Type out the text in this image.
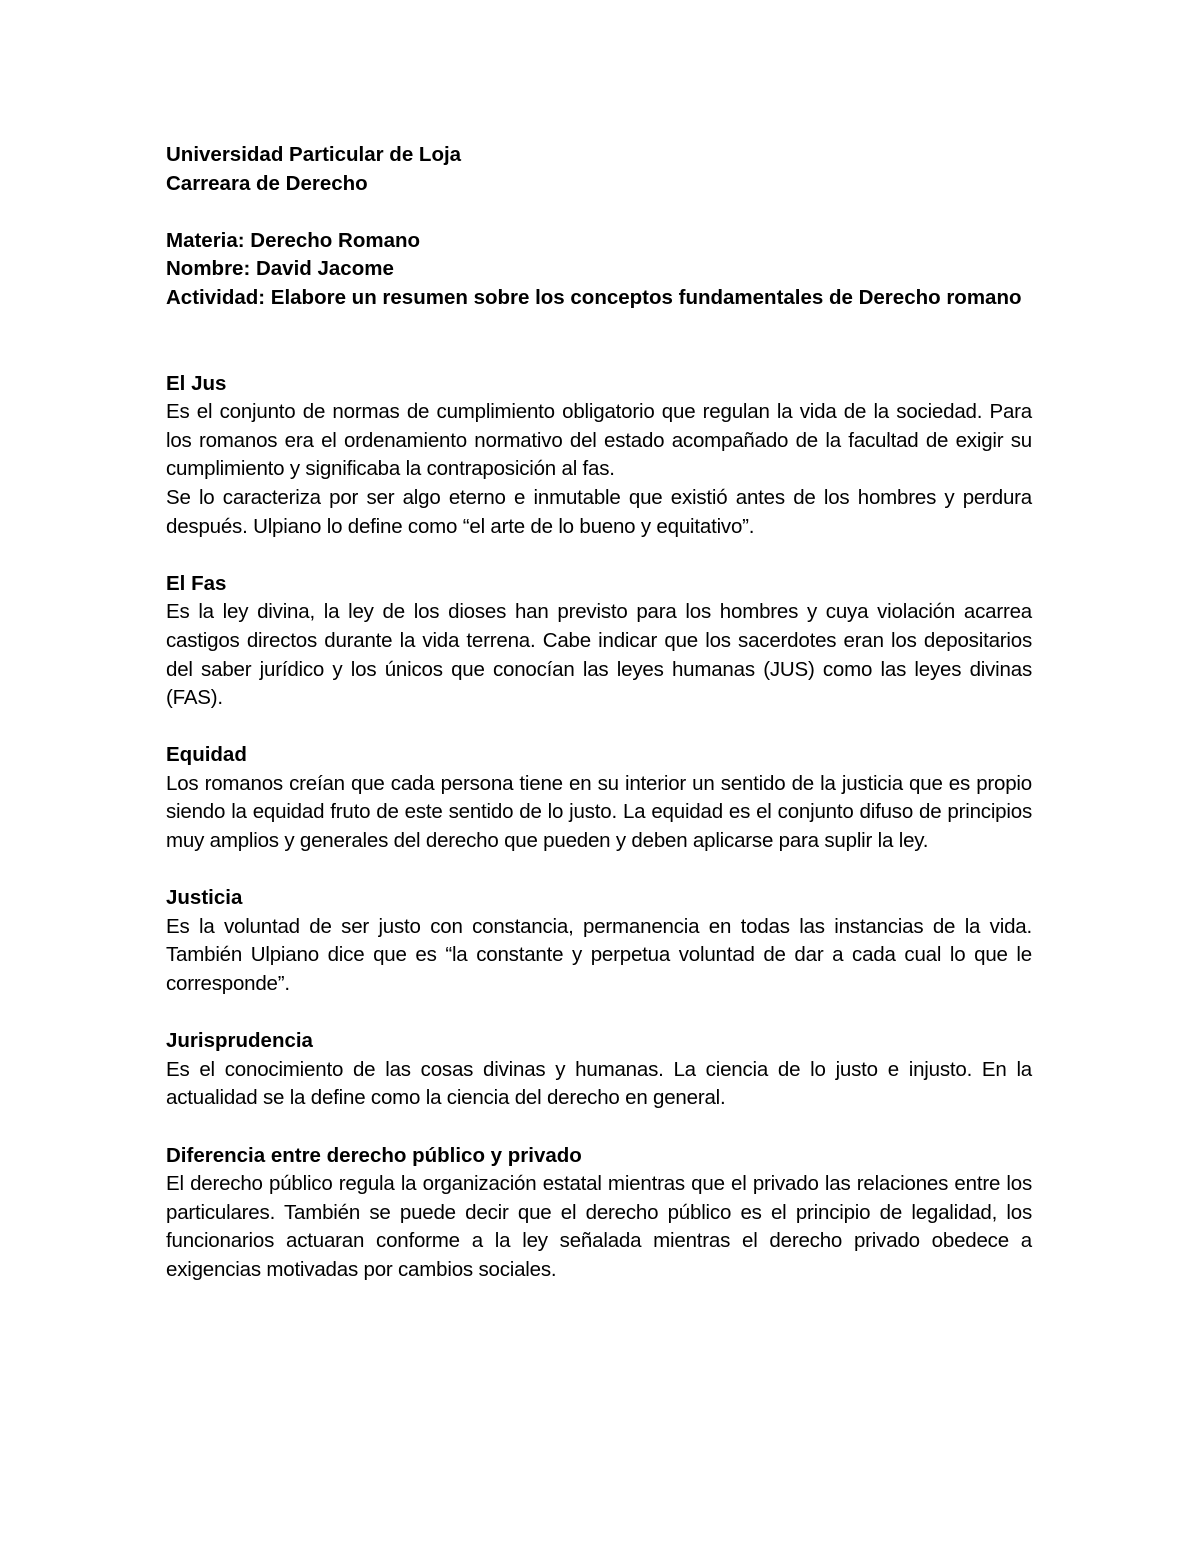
Universidad Particular de Loja
Carreara de Derecho
Materia: Derecho Romano
Nombre: David Jacome
Actividad: Elabore un resumen sobre los conceptos fundamentales de Derecho romano
El Jus

Es el conjunto de normas de cumplimiento obligatorio que regulan la vida de la sociedad. Para los romanos era el ordenamiento normativo del estado acompañado de la facultad de exigir su cumplimiento y significaba la contraposición al fas.

Se lo caracteriza por ser algo eterno e inmutable que existió antes de los hombres y perdura después. Ulpiano lo define como “el arte de lo bueno y equitativo”.

El Fas

Es la ley divina, la ley de los dioses han previsto para los hombres y cuya violación acarrea castigos directos durante la vida terrena. Cabe indicar que los sacerdotes eran los depositarios del saber jurídico y los únicos que conocían las leyes humanas (JUS) como las leyes divinas (FAS).

Equidad

Los romanos creían que cada persona tiene en su interior un sentido de la justicia que es propio siendo la equidad fruto de este sentido de lo justo. La equidad es el conjunto difuso de principios muy amplios y generales del derecho que pueden y deben aplicarse para suplir la ley.

Justicia

Es la voluntad de ser justo con constancia, permanencia en todas las instancias de la vida. También Ulpiano dice que es “la constante y perpetua voluntad de dar a cada cual lo que le corresponde”.

Jurisprudencia

Es el conocimiento de las cosas divinas y humanas. La ciencia de lo justo e injusto. En la actualidad se la define como la ciencia del derecho en general.

Diferencia entre derecho público y privado

El derecho público regula la organización estatal mientras que el privado las relaciones entre los particulares. También se puede decir que el derecho público es el principio de legalidad, los funcionarios actuaran conforme a la ley señalada mientras el derecho privado obedece a exigencias motivadas por cambios sociales.
